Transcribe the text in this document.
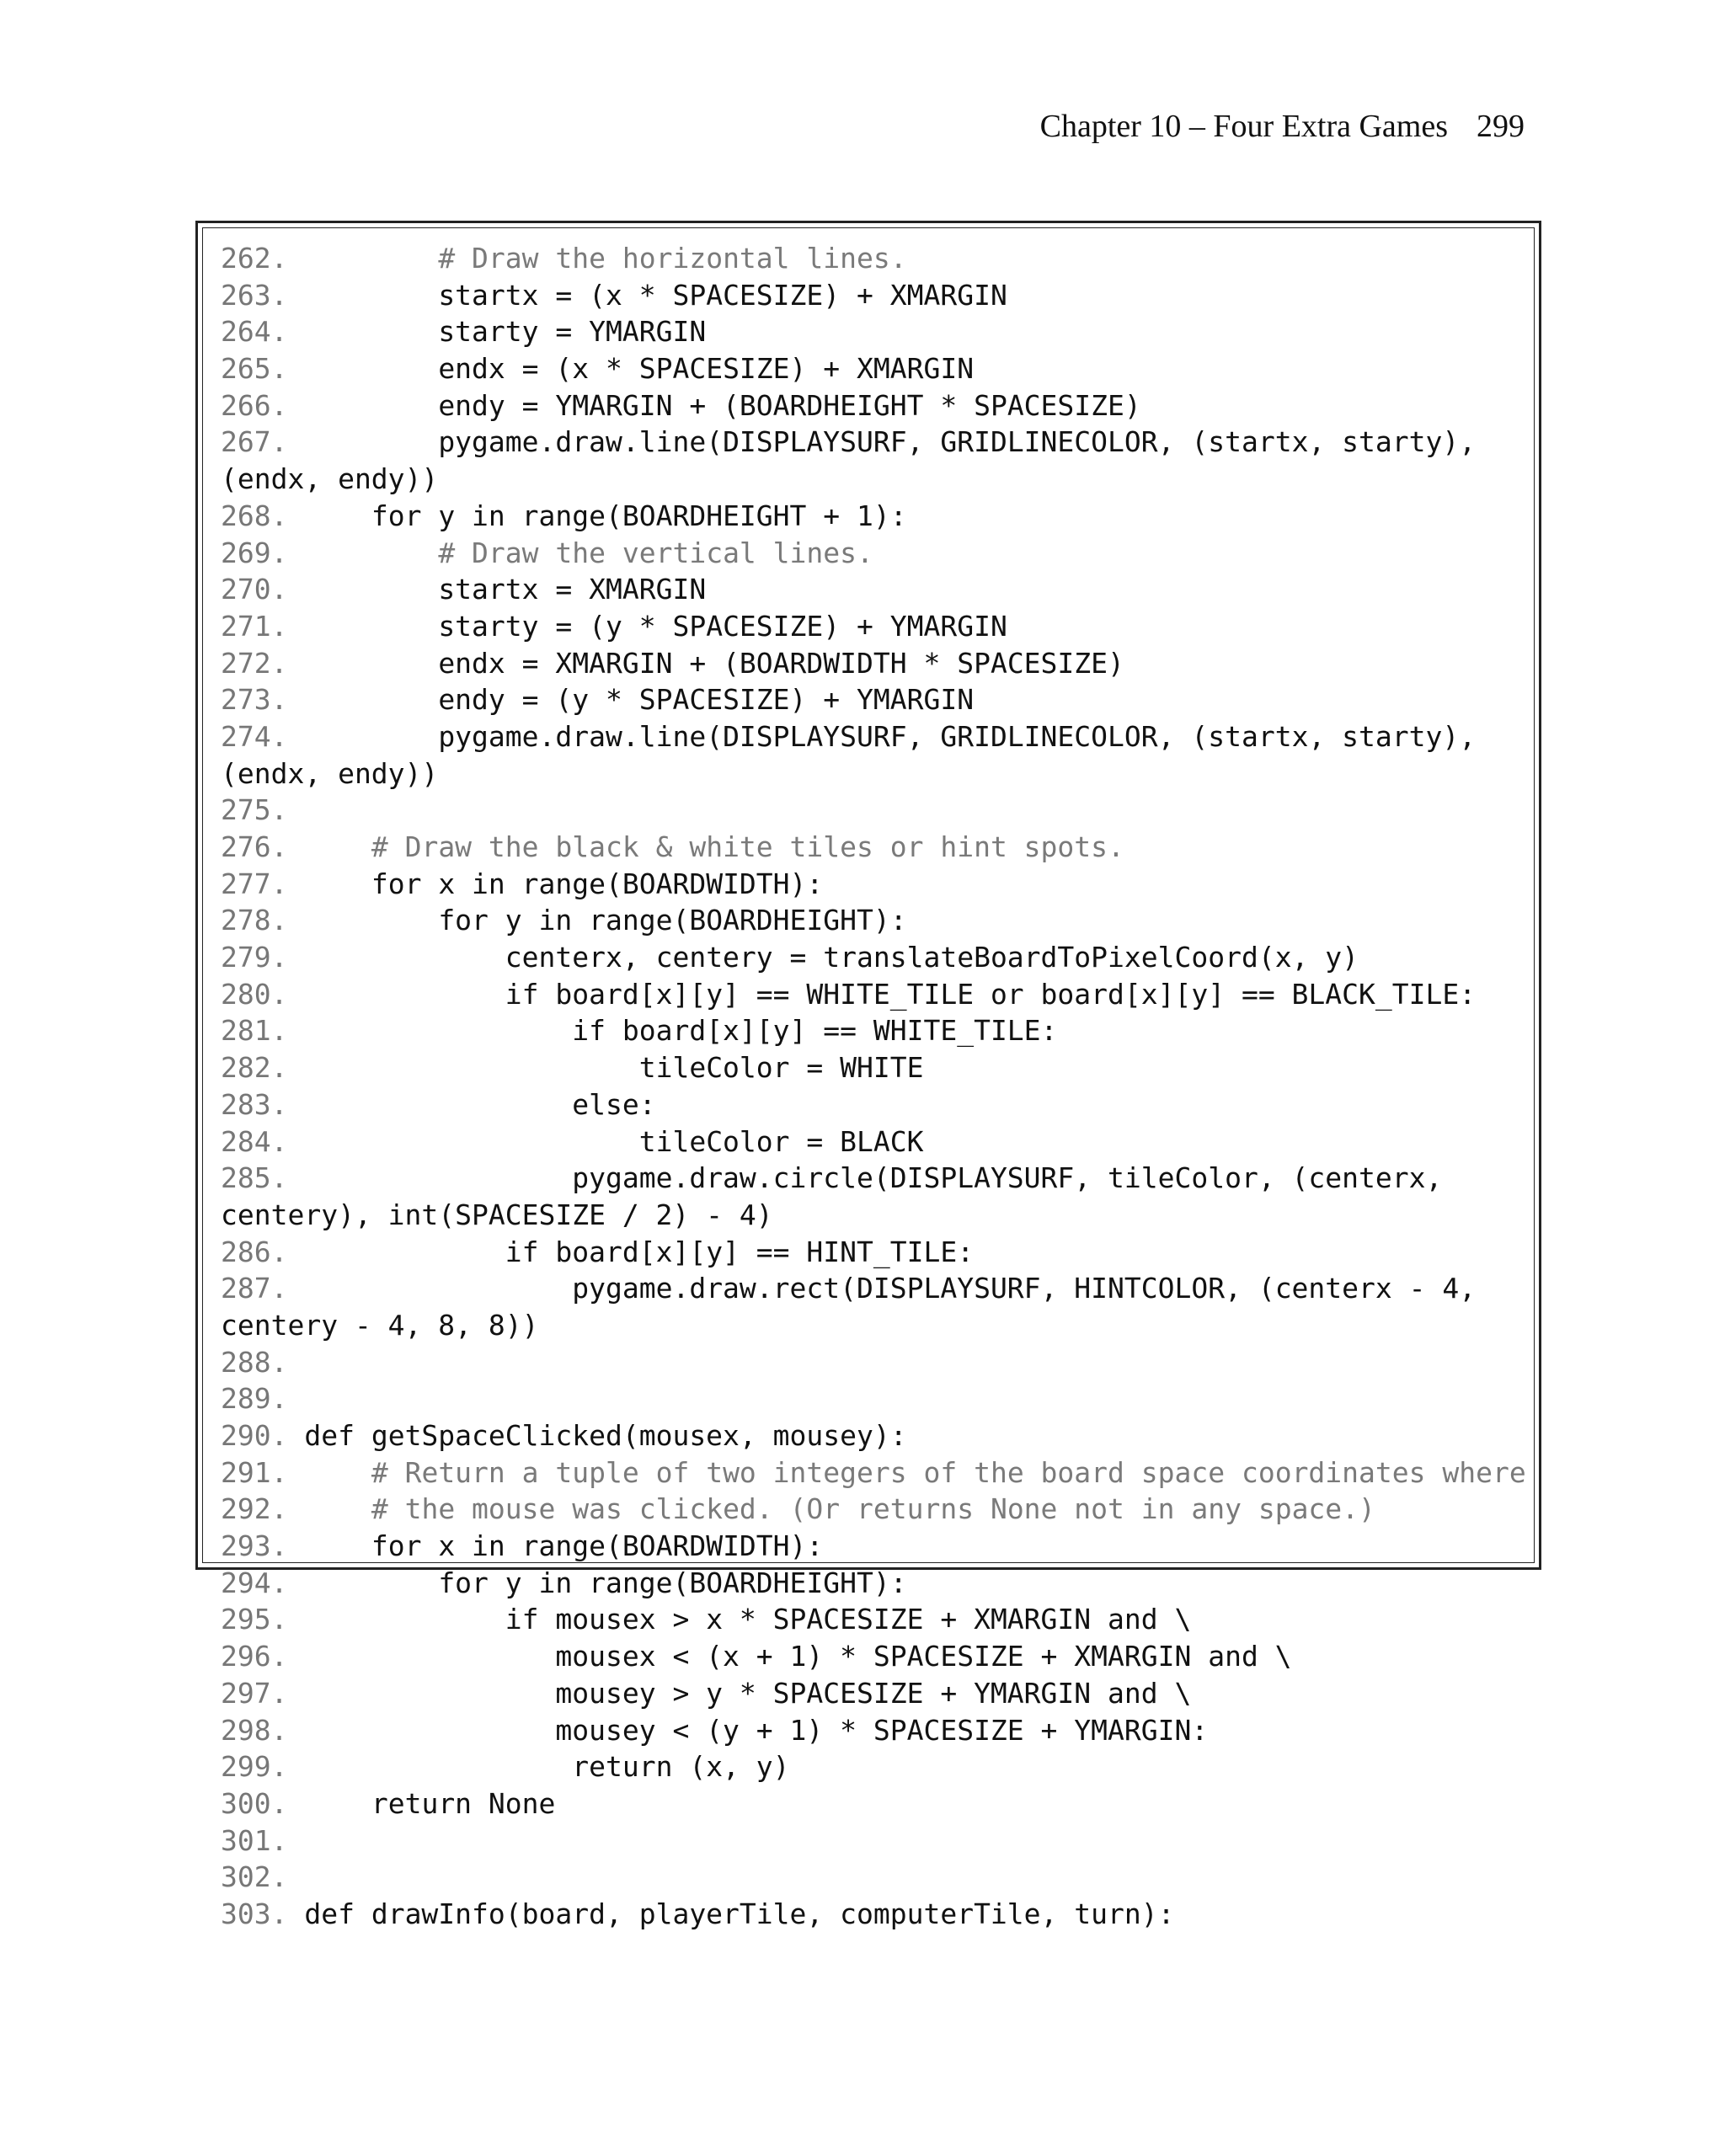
Chapter 10 – Four Extra Games 299
262.	# Draw the horizontal lines.
263.	startx = (x * SPACESIZE) + XMARGIN
264.	starty = YMARGIN
265.	endx = (x * SPACESIZE) + XMARGIN
266.	endy = YMARGIN + (BOARDHEIGHT * SPACESIZE)
267.	pygame.draw.line(DISPLAYSURF, GRIDLINECOLOR, (startx, starty),
(endx, endy))
268.	for y in range(BOARDHEIGHT + 1):
269.	# Draw the vertical lines.
270.	startx = XMARGIN
271.	starty = (y * SPACESIZE) + YMARGIN
272.	endx = XMARGIN + (BOARDWIDTH * SPACESIZE)
273.	endy = (y * SPACESIZE) + YMARGIN
274.	pygame.draw.line(DISPLAYSURF, GRIDLINECOLOR, (startx, starty),
(endx, endy))
275.
276.	# Draw the black & white tiles or hint spots.
277.	for x in range(BOARDWIDTH):
278.	for y in range(BOARDHEIGHT):
279.	centerx, centery = translateBoardToPixelCoord(x, y)
280.	if board[x][y] == WHITE_TILE or board[x][y] == BLACK_TILE:
281.	if board[x][y] == WHITE_TILE:
282.	tileColor = WHITE
283.	else:
284.	tileColor = BLACK
285.	pygame.draw.circle(DISPLAYSURF, tileColor, (centerx,
centery), int(SPACESIZE / 2) - 4)
286.	if board[x][y] == HINT_TILE:
287.	pygame.draw.rect(DISPLAYSURF, HINTCOLOR, (centerx - 4,
centery - 4, 8, 8))
288.
289.
290. def getSpaceClicked(mousex, mousey):
291.	# Return a tuple of two integers of the board space coordinates where
292.	# the mouse was clicked. (Or returns None not in any space.)
293.	for x in range(BOARDWIDTH):
294.	for y in range(BOARDHEIGHT):
295.	if mousex > x * SPACESIZE + XMARGIN and \
296.	mousex < (x + 1) * SPACESIZE + XMARGIN and \
297.	mousey > y * SPACESIZE + YMARGIN and \
298.	mousey < (y + 1) * SPACESIZE + YMARGIN:
299.	return (x, y)
300.	return None
301.
302.
303. def drawInfo(board, playerTile, computerTile, turn):
